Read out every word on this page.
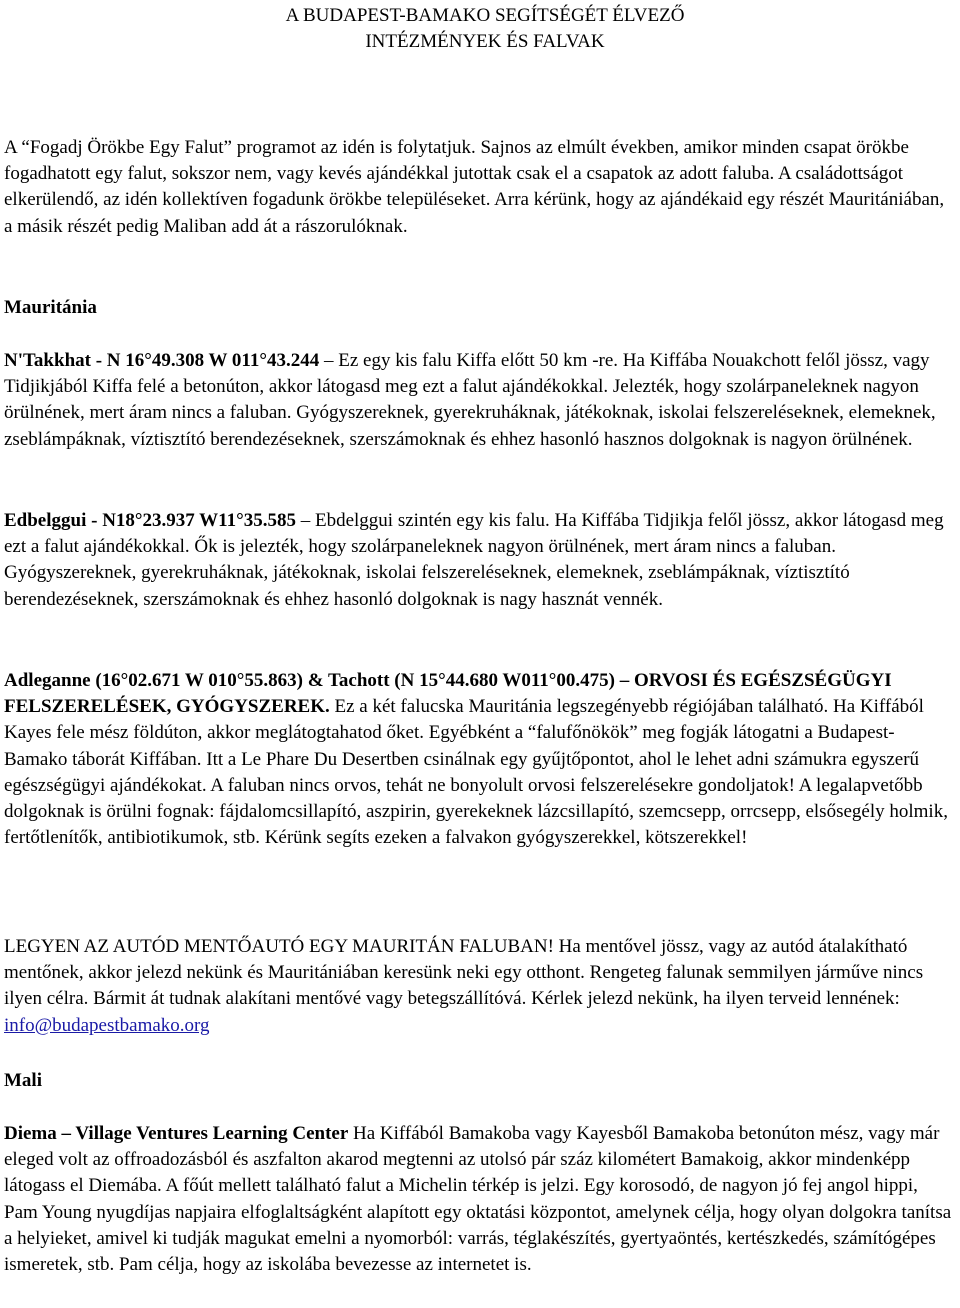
A BUDAPEST-BAMAKO SEGÍTSÉGÉT ÉLVEZŐ
INTÉZMÉNYEK ÉS FALVAK

A “Fogadj Örökbe Egy Falut” programot az idén is folytatjuk. Sajnos az elmúlt években, amikor minden csapat örökbe fogadhatott egy falut, sokszor nem, vagy kevés ajándékkal jutottak csak el a csapatok az adott faluba. A családottságot elkerülendő, az idén kollektíven fogadunk örökbe településeket. Arra kérünk, hogy az ajándékaid egy részét Mauritániában, a másik részét pedig Maliban add át a rászorulóknak.

Mauritánia

N'Takkhat - N 16°49.308 W 011°43.244 – Ez egy kis falu Kiffa előtt 50 km -re. Ha Kiffába Nouakchott felől jössz, vagy Tidjikjából Kiffa felé a betonúton, akkor látogasd meg ezt a falut ajándékokkal. Jelezték, hogy szolárpaneleknek nagyon örülnének, mert áram nincs a faluban. Gyógyszereknek, gyerekruháknak, játékoknak, iskolai felszereléseknek, elemeknek, zseblámpáknak, víztisztító berendezéseknek, szerszámoknak és ehhez hasonló hasznos dolgoknak is nagyon örülnének.

Edbelggui - N18°23.937 W11°35.585 – Ebdelggui szintén egy kis falu. Ha Kiffába Tidjikja felől jössz, akkor látogasd meg ezt a falut ajándékokkal. Ők is jelezték, hogy szolárpaneleknek nagyon örülnének, mert áram nincs a faluban. Gyógyszereknek, gyerekruháknak, játékoknak, iskolai felszereléseknek, elemeknek, zseblámpáknak, víztisztító berendezéseknek, szerszámoknak és ehhez hasonló dolgoknak is nagy hasznát vennék.

Adleganne (16°02.671 W 010°55.863) & Tachott (N 15°44.680 W011°00.475) – ORVOSI ÉS EGÉSZSÉGÜGYI FELSZERELÉSEK, GYÓGYSZEREK. Ez a két falucska Mauritánia legszegényebb régiójában található. Ha Kiffából Kayes fele mész földúton, akkor meglátogtahatod őket. Egyébként a “falufőnökök” meg fogják látogatni a Budapest-Bamako táborát Kiffában. Itt a Le Phare Du Desertben csinálnak egy gyűjtőpontot, ahol le lehet adni számukra egyszerű egészségügyi ajándékokat. A faluban nincs orvos, tehát ne bonyolult orvosi felszerelésekre gondoljatok! A legalapvetőbb dolgoknak is örülni fognak: fájdalomcsillapító, aszpirin, gyerekeknek lázcsillapító, szemcsepp, orrcsepp, elsősegély holmik, fertőtlenítők, antibiotikumok, stb. Kérünk segíts ezeken a falvakon gyógyszerekkel, kötszerekkel!

LEGYEN AZ AUTÓD MENTŐAUTÓ EGY MAURITÁN FALUBAN! Ha mentővel jössz, vagy az autód átalakítható mentőnek, akkor jelezd nekünk és Mauritániában keresünk neki egy otthont. Rengeteg falunak semmilyen járműve nincs ilyen célra. Bármit át tudnak alakítani mentővé vagy betegszállítóvá. Kérlek jelezd nekünk, ha ilyen terveid lennének: info@budapestbamako.org

Mali

Diema – Village Ventures Learning Center Ha Kiffából Bamakoba vagy Kayesből Bamakoba betonúton mész, vagy már eleged volt az offroadozásból és aszfalton akarod megtenni az utolsó pár száz kilométert Bamakoig, akkor mindenképp látogass el Diemába. A főút mellett található falut a Michelin térkép is jelzi. Egy korosodó, de nagyon jó fej angol hippi, Pam Young nyugdíjas napjaira elfoglaltságként alapított egy oktatási központot, amelynek célja, hogy olyan dolgokra tanítsa a helyieket, amivel ki tudják magukat emelni a nyomorból: varrás, téglakészítés, gyertyaöntés, kertészkedés, számítógépes ismeretek, stb. Pam célja, hogy az iskolába bevezesse az internetet is.
